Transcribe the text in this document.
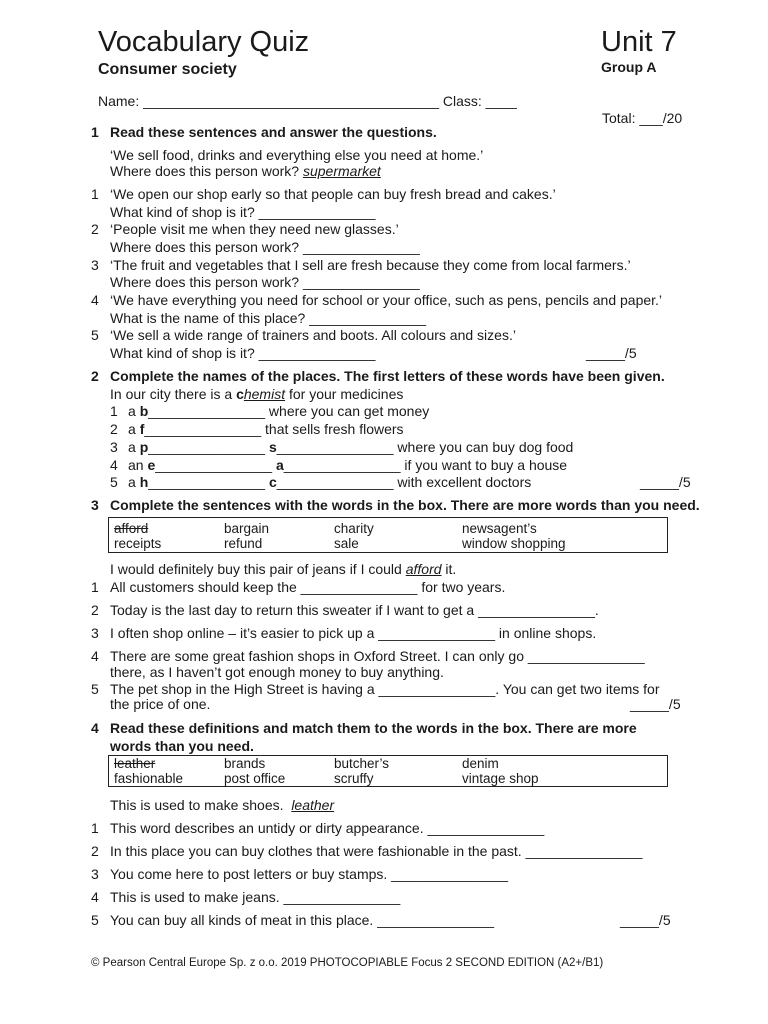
Vocabulary Quiz
Consumer society
Unit 7
Group A
Name: ______________________________________ Class: ____
Total: ___/20
1 Read these sentences and answer the questions.
‘We sell food, drinks and everything else you need at home.’
Where does this person work? supermarket
1 ‘We open our shop early so that people can buy fresh bread and cakes.’
What kind of shop is it? _______________
2 ‘People visit me when they need new glasses.’
Where does this person work? _______________
3 ‘The fruit and vegetables that I sell are fresh because they come from local farmers.’
Where does this person work? _______________
4 ‘We have everything you need for school or your office, such as pens, pencils and paper.’
What is the name of this place? _______________
5 ‘We sell a wide range of trainers and boots. All colours and sizes.’
What kind of shop is it? _______________	_____/5
2 Complete the names of the places. The first letters of these words have been given.
In our city there is a chemist for your medicines
1 a b_______________ where you can get money
2 a f_______________ that sells fresh flowers
3 a p_______________ s_______________ where you can buy dog food
4 an e_______________ a_______________ if you want to buy a house
5 a h_______________ c_______________ with excellent doctors	_____/5
3 Complete the sentences with the words in the box. There are more words than you need.
afford	bargain	charity	newsagent’s
receipts	refund	sale	window shopping
I would definitely buy this pair of jeans if I could afford it.
1 All customers should keep the _______________ for two years.
2 Today is the last day to return this sweater if I want to get a _______________.
3 I often shop online – it’s easier to pick up a _______________ in online shops.
4 There are some great fashion shops in Oxford Street. I can only go _______________
there, as I haven’t got enough money to buy anything.
5 The pet shop in the High Street is having a _______________. You can get two items for
the price of one.	_____/5
4 Read these definitions and match them to the words in the box. There are more
words than you need.
leather	brands	butcher’s	denim
fashionable	post office	scruffy	vintage shop
This is used to make shoes. leather
1 This word describes an untidy or dirty appearance. _______________
2 In this place you can buy clothes that were fashionable in the past. _______________
3 You come here to post letters or buy stamps. _______________
4 This is used to make jeans. _______________
5 You can buy all kinds of meat in this place. _______________	_____/5
© Pearson Central Europe Sp. z o.o. 2019 PHOTOCOPIABLE Focus 2 SECOND EDITION (A2+/B1)
